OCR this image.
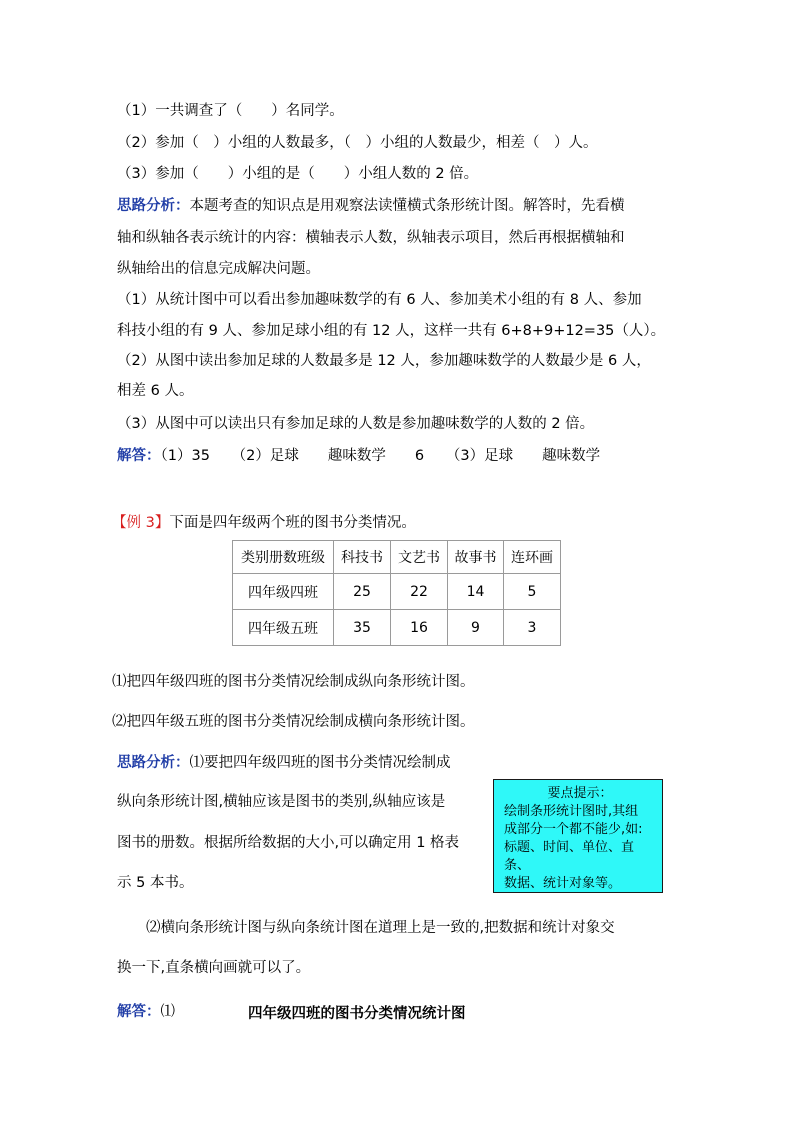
（1）一共调查了（　　）名同学。
（2）参加（　）小组的人数最多，（　）小组的人数最少，相差（　）人。
（3）参加（　　）小组的是（　　）小组人数的 2 倍。
思路分析：本题考查的知识点是用观察法读懂横式条形统计图。解答时，先看横
轴和纵轴各表示统计的内容：横轴表示人数，纵轴表示项目，然后再根据横轴和
纵轴给出的信息完成解决问题。
（1）从统计图中可以看出参加趣味数学的有 6 人、参加美术小组的有 8 人、参加
科技小组的有 9 人、参加足球小组的有 12 人，这样一共有 6+8+9+12=35（人）。
（2）从图中读出参加足球的人数最多是 12 人，参加趣味数学的人数最少是 6 人，
相差 6 人。
（3）从图中可以读出只有参加足球的人数是参加趣味数学的人数的 2 倍。
解答：（1）35　　（2）足球　　趣味数学　　6　　（3）足球　　趣味数学
【例 3】下面是四年级两个班的图书分类情况。
类别册数班级	科技书	文艺书	故事书	连环画
四年级四班	25	22	14	5
四年级五班	35	16	9	3
⑴把四年级四班的图书分类情况绘制成纵向条形统计图。
⑵把四年级五班的图书分类情况绘制成横向条形统计图。
思路分析：⑴要把四年级四班的图书分类情况绘制成
纵向条形统计图,横轴应该是图书的类别,纵轴应该是
图书的册数。根据所给数据的大小,可以确定用 1 格表
示 5 本书。
要点提示：
绘制条形统计图时,其组
成部分一个都不能少,如:
标题、时间、单位、直条、
数据、统计对象等。
⑵横向条形统计图与纵向条统计图在道理上是一致的,把数据和统计对象交
换一下,直条横向画就可以了。
解答：⑴	四年级四班的图书分类情况统计图
